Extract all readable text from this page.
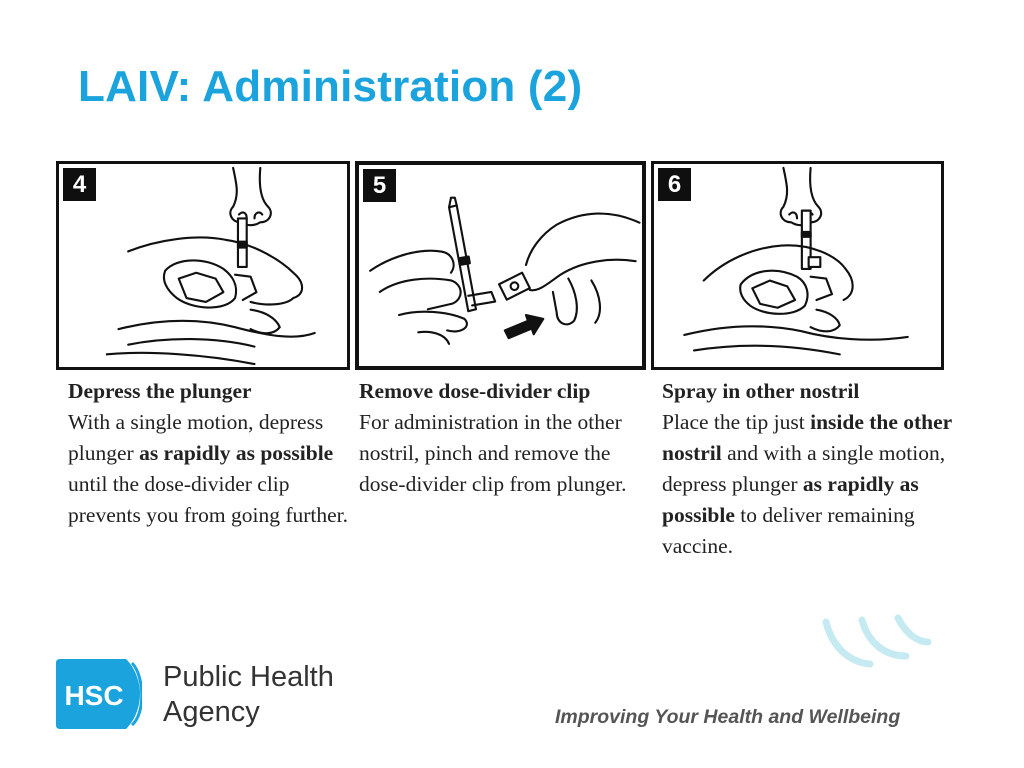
LAIV: Administration (2)
4	5	6
Depress the plunger
With a single motion, depress plunger as rapidly as possible until the dose-divider clip prevents you from going further.
Remove dose-divider clip
For administration in the other nostril, pinch and remove the dose-divider clip from plunger.
Spray in other nostril
Place the tip just inside the other nostril and with a single motion, depress plunger as rapidly as possible to deliver remaining vaccine.
HSC
Public Health
Agency	Improving Your Health and Wellbeing
